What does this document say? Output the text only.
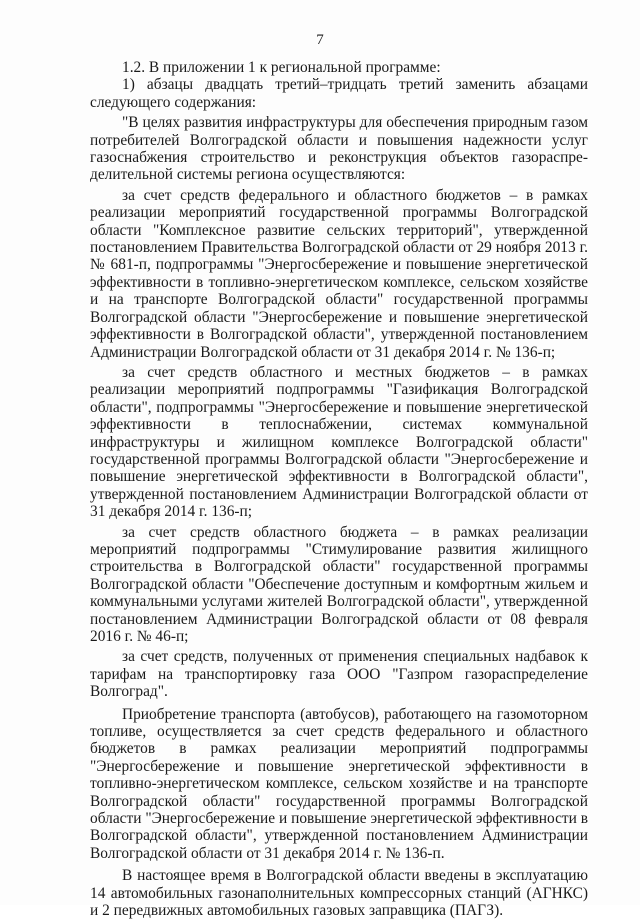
7

1.2. В приложении 1 к региональной программе:

1) абзацы двадцать третий–тридцать третий заменить абзацами следующего содержания:

"В целях развития инфраструктуры для обеспечения природным газом потребителей Волгоградской области и повышения надежности услуг газоснабжения строительство и реконструкция объектов газораспре-делительной системы региона осуществляются:

за счет средств федерального и областного бюджетов – в рамках реализации мероприятий государственной программы Волгоградской области "Комплексное развитие сельских территорий", утвержденной постановлением Правительства Волгоградской области от 29 ноября 2013 г. № 681-п, подпрограммы "Энергосбережение и повышение энергетической эффективности в топливно-энергетическом комплексе, сельском хозяйстве и на транспорте Волгоградской области" государственной программы Волгоградской области "Энергосбережение и повышение энергетической эффективности в Волгоградской области", утвержденной постановлением Администрации Волгоградской области от 31 декабря 2014 г. № 136-п;

за счет средств областного и местных бюджетов – в рамках реализации мероприятий подпрограммы "Газификация Волгоградской области", подпрограммы "Энергосбережение и повышение энергетической эффективности в теплоснабжении, системах коммунальной инфраструктуры и жилищном комплексе Волгоградской области" государственной программы Волгоградской области "Энергосбережение и повышение энергетической эффективности в Волгоградской области", утвержденной постановлением Администрации Волгоградской области от 31 декабря 2014 г. 136-п;

за счет средств областного бюджета – в рамках реализации мероприятий подпрограммы "Стимулирование развития жилищного строительства в Волгоградской области" государственной программы Волгоградской области "Обеспечение доступным и комфортным жильем и коммунальными услугами жителей Волгоградской области", утвержденной постановлением Администрации Волгоградской области от 08 февраля 2016 г. № 46-п;

за счет средств, полученных от применения специальных надбавок к тарифам на транспортировку газа ООО "Газпром газораспределение Волгоград".

Приобретение транспорта (автобусов), работающего на газомоторном топливе, осуществляется за счет средств федерального и областного бюджетов в рамках реализации мероприятий подпрограммы "Энергосбережение и повышение энергетической эффективности в топливно-энергетическом комплексе, сельском хозяйстве и на транспорте Волгоградской области" государственной программы Волгоградской области "Энергосбережение и повышение энергетической эффективности в Волгоградской области", утвержденной постановлением Администрации Волгоградской области от 31 декабря 2014 г. № 136-п.

В настоящее время в Волгоградской области введены в эксплуатацию 14 автомобильных газонаполнительных компрессорных станций (АГНКС) и 2 передвижных автомобильных газовых заправщика (ПАГЗ).
